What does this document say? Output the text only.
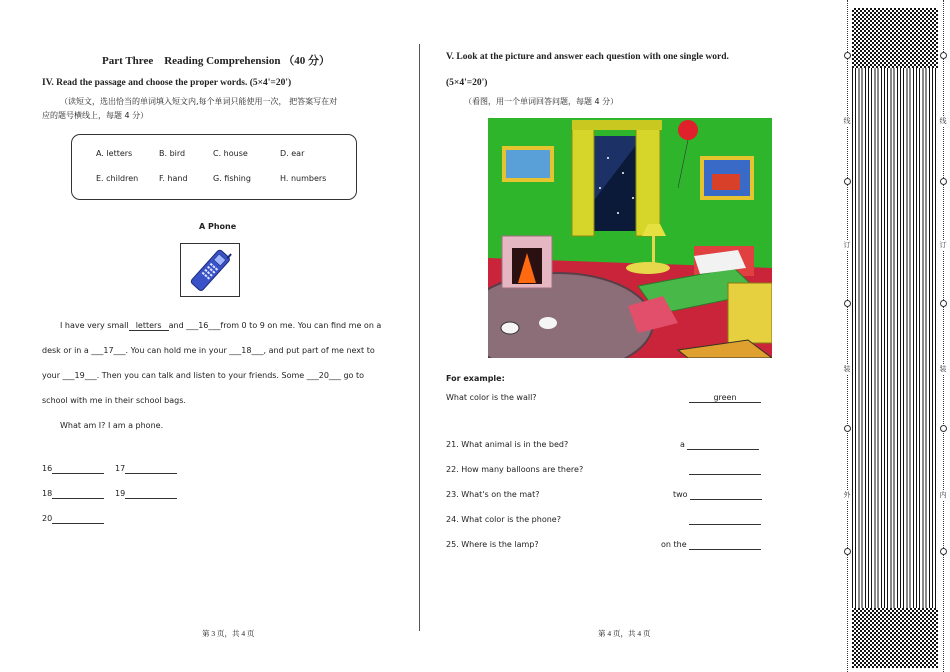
Part Three    Reading Comprehension （40 分）
IV. Read the passage and choose the proper words. (5×4'=20')
（读短文，选出恰当的单词填入短文内,每个单词只能使用一次， 把答案写在对
应的题号横线上，每题 4 分）
A. letters	B. bird	C. house	D. ear
E. children	F. hand	G. fishing	H. numbers
A Phone
I have very small letters and ___16___from 0 to 9 on me. You can find me on a
desk or in a ___17___. You can hold me in your ___18___, and put part of me next to
your ___19___. Then you can talk and listen to your friends. Some ___20___ go to
school with me in their school bags.
What am I? I am a phone.
16	17
18	19
20
第 3 页，共 4 页
V. Look at the picture and answer each question with one single word.
(5×4'=20')
（看图，用一个单词回答问题，每题 4 分）
For example:
What color is the wall?	green
21. What animal is in the bed?	a
22. How many balloons are there?

23. What's on the mat?	two
24. What color is the phone?

25. Where is the lamp?	on the
第 4 页，共 4 页
外
装
订
线
内
装
订
线
